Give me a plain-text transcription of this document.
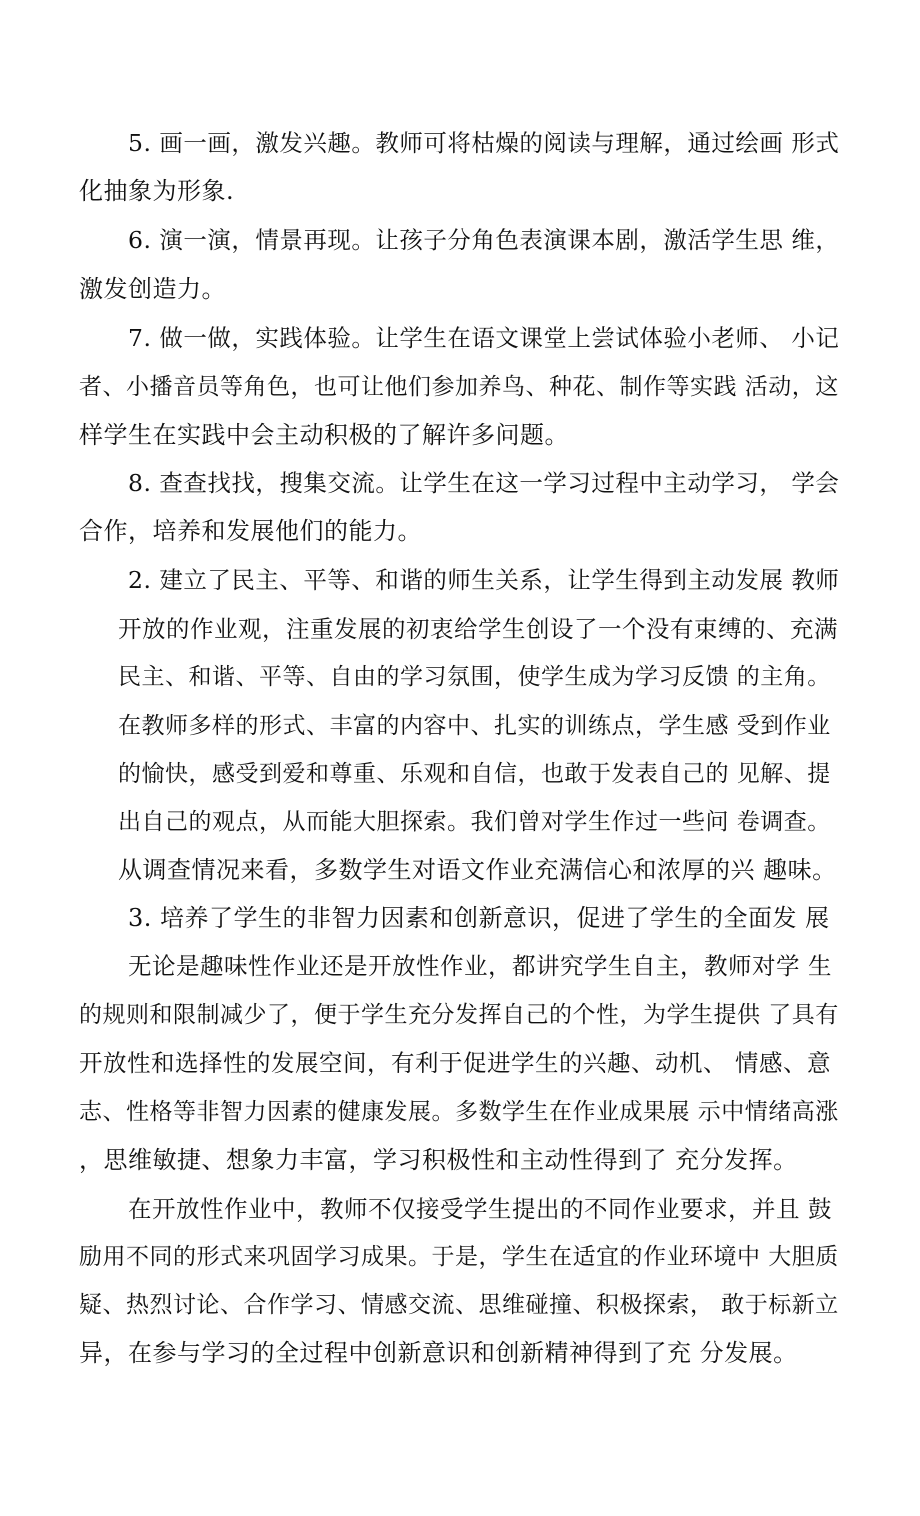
5. 画一画，激发兴趣。教师可将枯燥的阅读与理解，通过绘画 形式
化抽象为形象.
6. 演一演，情景再现。让孩子分角色表演课本剧，激活学生思 维，
激发创造力。
7. 做一做，实践体验。让学生在语文课堂上尝试体验小老师、 小记
者、小播音员等角色，也可让他们参加养鸟、种花、制作等实践 活动，这
样学生在实践中会主动积极的了解许多问题。
8. 查查找找，搜集交流。让学生在这一学习过程中主动学习， 学会
合作，培养和发展他们的能力。
2. 建立了民主、平等、和谐的师生关系，让学生得到主动发展 教师
开放的作业观，注重发展的初衷给学生创设了一个没有束缚的、充满
民主、和谐、平等、自由的学习氛围，使学生成为学习反馈 的主角。
在教师多样的形式、丰富的内容中、扎实的训练点，学生感 受到作业
的愉快，感受到爱和尊重、乐观和自信，也敢于发表自己的 见解、提
出自己的观点，从而能大胆探索。我们曾对学生作过一些问 卷调查。
从调查情况来看，多数学生对语文作业充满信心和浓厚的兴 趣味。
3. 培养了学生的非智力因素和创新意识，促进了学生的全面发 展
无论是趣味性作业还是开放性作业，都讲究学生自主，教师对学 生
的规则和限制减少了，便于学生充分发挥自己的个性，为学生提供 了具有
开放性和选择性的发展空间，有利于促进学生的兴趣、动机、 情感、意
志、性格等非智力因素的健康发展。多数学生在作业成果展 示中情绪高涨
，思维敏捷、想象力丰富，学习积极性和主动性得到了 充分发挥。
在开放性作业中，教师不仅接受学生提出的不同作业要求，并且 鼓
励用不同的形式来巩固学习成果。于是，学生在适宜的作业环境中 大胆质
疑、热烈讨论、合作学习、情感交流、思维碰撞、积极探索， 敢于标新立
异，在参与学习的全过程中创新意识和创新精神得到了充 分发展。
